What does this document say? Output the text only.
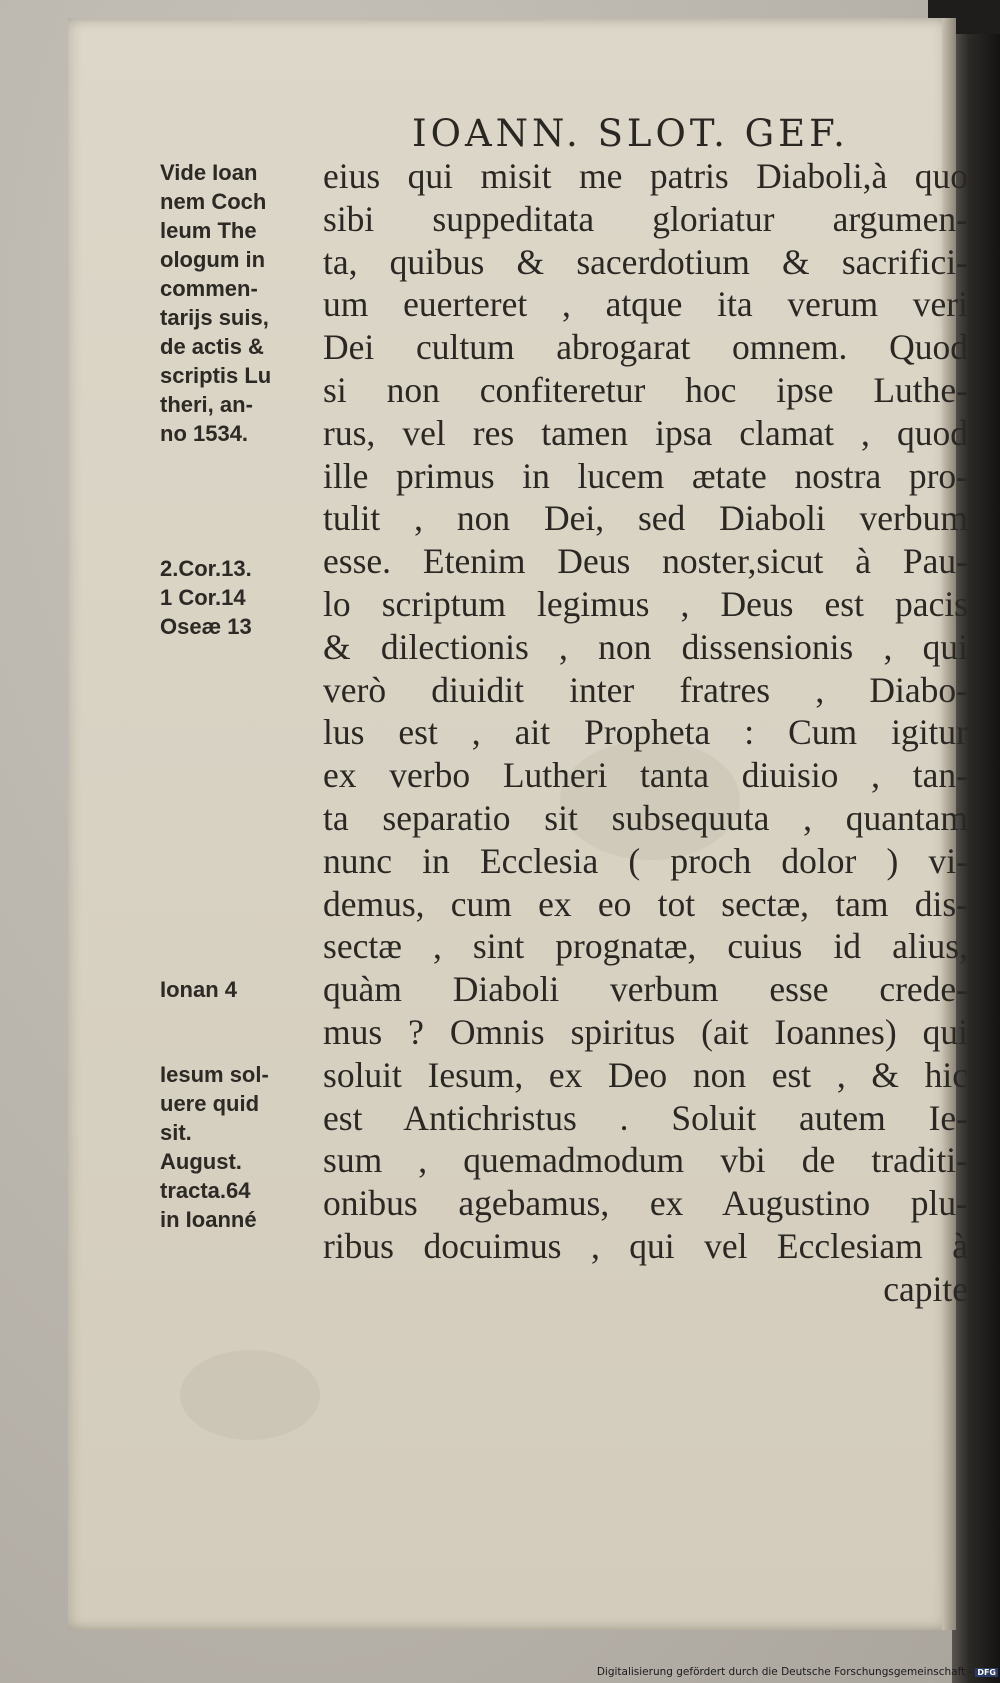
IOANN. SLOT. GEF.
eius qui misit me patris Diaboli,à quo
sibi suppeditata gloriatur argumen-
ta, quibus & sacerdotium & sacrifici-
um euerteret , atque ita verum veri
Dei cultum abrogarat omnem. Quod
si non confiteretur hoc ipse Luthe-
rus, vel res tamen ipsa clamat , quod
ille primus in lucem ætate nostra pro-
tulit , non Dei, sed Diaboli verbum
esse. Etenim Deus noster,sicut à Pau-
lo scriptum legimus , Deus est pacis
& dilectionis , non dissensionis , qui
verò diuidit inter fratres , Diabo-
lus est , ait Propheta : Cum igitur
ex verbo Lutheri tanta diuisio , tan-
ta separatio sit subsequuta , quantam
nunc in Ecclesia ( proch dolor ) vi-
demus, cum ex eo tot sectæ, tam dis-
sectæ , sint prognatæ, cuius id alius,
quàm Diaboli verbum esse crede-
mus ? Omnis spiritus (ait Ioannes) qui
soluit Iesum, ex Deo non est , & hic
est Antichristus . Soluit autem Ie-
sum , quemadmodum vbi de traditi-
onibus agebamus, ex Augustino plu-
ribus docuimus , qui vel Ecclesiam à
capite
Vide Ioan
nem Coch
leum The
ologum in
commen-
tarijs suis,
de actis &
scriptis Lu
theri, an-
no 1534.
2.Cor.13.
1 Cor.14
Oseæ 13
Ionan 4
Iesum sol-
uere quid
sit.
August.
tracta.64
in Ioanné
Digitalisierung gefördert durch die Deutsche Forschungsgemeinschaft - DFG
